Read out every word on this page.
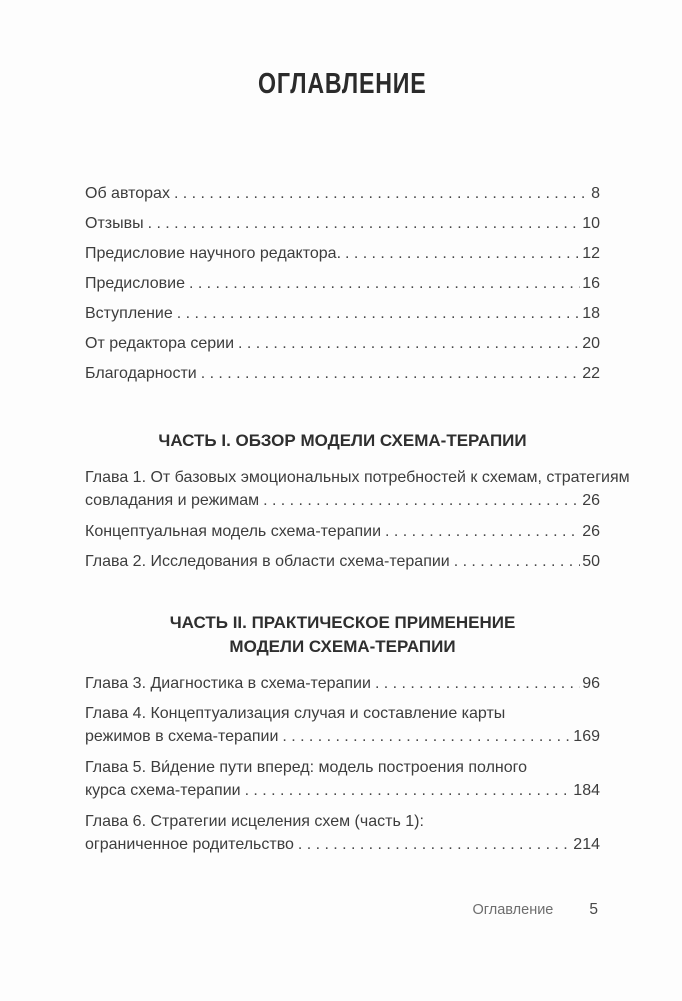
ОГЛАВЛЕНИЕ
Об авторах .....	8
Отзывы .....	10
Предисловие научного редактора. .....	12
Предисловие .....	16
Вступление .....	18
От редактора серии .....	20
Благодарности .....	22
ЧАСТЬ I. ОБЗОР МОДЕЛИ СХЕМА-ТЕРАПИИ
Глава 1. От базовых эмоциональных потребностей к схемам, стратегиям
совладания и режимам .....	26
Концептуальная модель схема-терапии .....	26
Глава 2. Исследования в области схема-терапии .....	50
ЧАСТЬ II. ПРАКТИЧЕСКОЕ ПРИМЕНЕНИЕ
МОДЕЛИ СХЕМА-ТЕРАПИИ
Глава 3. Диагностика в схема-терапии .....	96
Глава 4. Концептуализация случая и составление карты
режимов в схема-терапии .....	169
Глава 5. Ви́дение пути вперед: модель построения полного
курса схема-терапии .....	184
Глава 6. Стратегии исцеления схем (часть 1):
ограниченное родительство .....	214
Оглавление 5
